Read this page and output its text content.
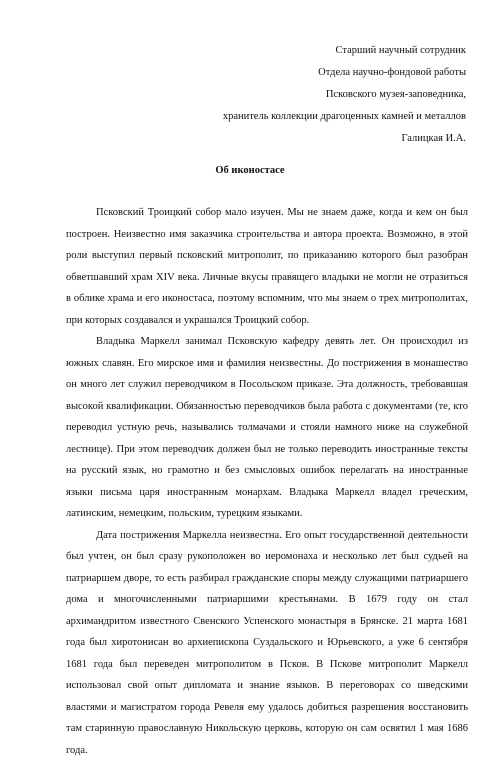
Старший научный сотрудник
Отдела научно-фондовой работы
Псковского музея-заповедника,
хранитель коллекции драгоценных камней и металлов
Галицкая И.А.
Об иконостасе

Псковский Троицкий собор мало изучен. Мы не знаем даже, когда и кем он был построен. Неизвестно имя заказчика строительства и автора проекта. Возможно, в этой роли выступил первый псковский митрополит, по приказанию которого был разобран обветшавший храм XIV века. Личные вкусы правящего владыки не могли не отразиться в облике храма и его иконостаса, поэтому вспомним, что мы знаем о трех митрополитах, при которых создавался и украшался Троицкий собор.

Владыка Маркелл занимал Псковскую кафедру девять лет. Он происходил из южных славян. Его мирское имя и фамилия неизвестны. До пострижения в монашество он много лет служил переводчиком в Посольском приказе. Эта должность, требовавшая высокой квалификации. Обязанностью переводчиков была работа с документами (те, кто переводил устную речь, назывались толмачами и стояли намного ниже на служебной лестнице). При этом переводчик должен был не только переводить иностранные тексты на русский язык, но грамотно и без смысловых ошибок перелагать на иностранные языки письма царя иностранным монархам. Владыка Маркелл владел греческим, латинским, немецким, польским, турецким языками.

Дата пострижения Маркелла неизвестна. Его опыт государственной деятельности был учтен, он был сразу рукоположен во иеромонаха и несколько лет был судьей на патриаршем дворе, то есть разбирал гражданские споры между служащими патриаршего дома и многочисленными патриаршими крестьянами. В 1679 году он стал архимандритом известного Свенского Успенского монастыря в Брянске. 21 марта 1681 года был хиротонисан во архиепископа Суздальского и Юрьевского, а уже 6 сентября 1681 года был переведен митрополитом в Псков. В Пскове митрополит Маркелл использовал свой опыт дипломата и знание языков. В переговорах со шведскими властями и магистратом города Ревеля ему удалось добиться разрешения восстановить там старинную православную Никольскую церковь, которую он сам освятил 1 мая 1686 года.
